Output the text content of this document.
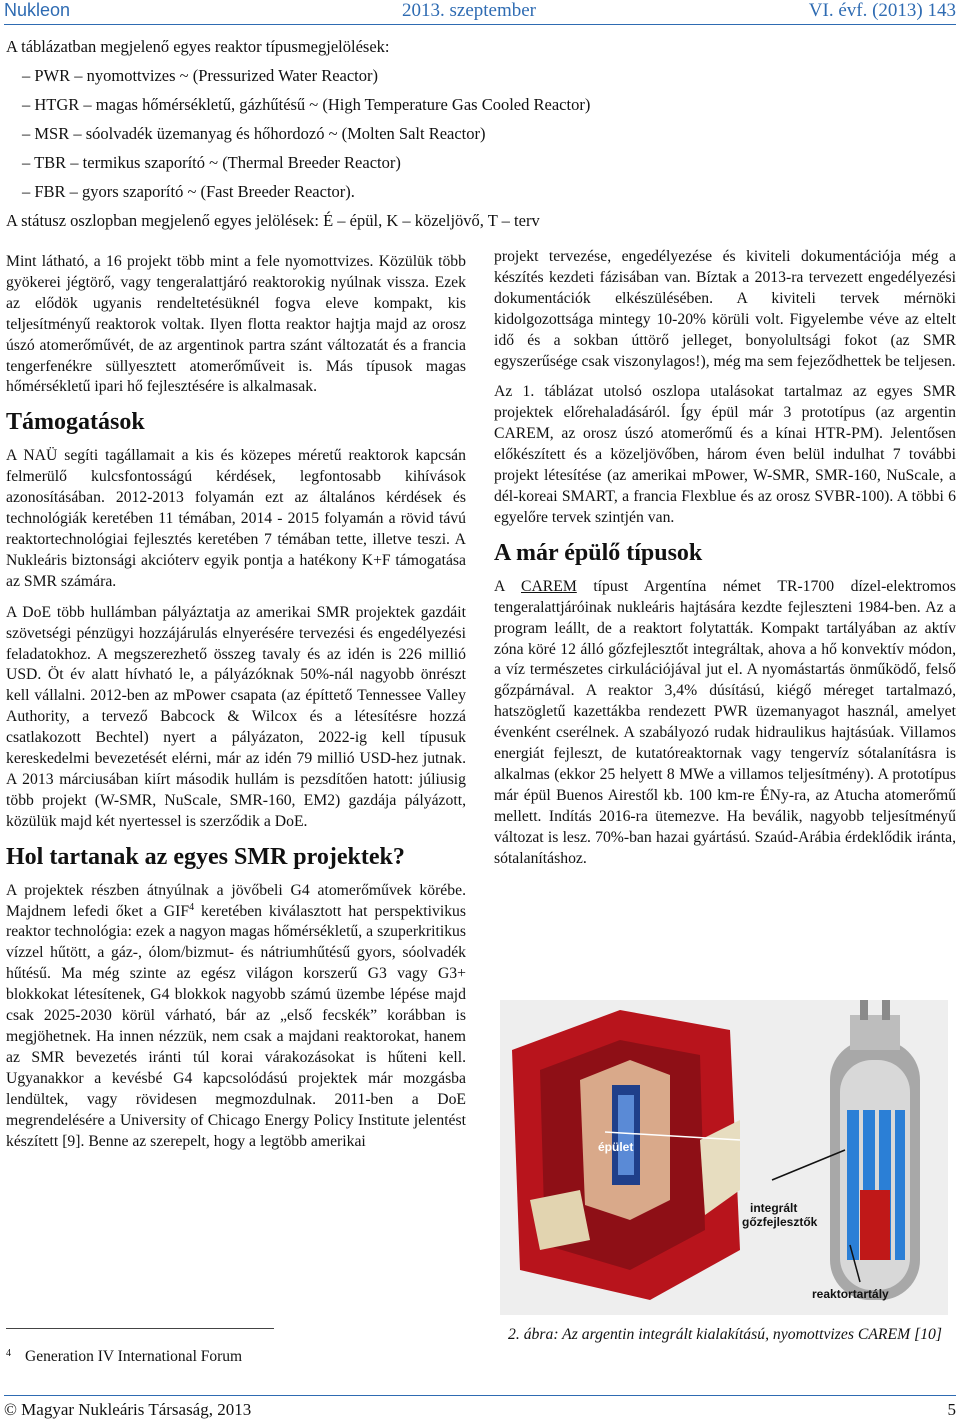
Nukleon	2013. szeptember	VI. évf. (2013) 143
A táblázatban megjelenő egyes reaktor típusmegjelölések:
– PWR – nyomottvizes ~ (Pressurized Water Reactor)
– HTGR – magas hőmérsékletű, gázhűtésű ~ (High Temperature Gas Cooled Reactor)
– MSR – sóolvadék üzemanyag és hőhordozó ~ (Molten Salt Reactor)
– TBR – termikus szaporító ~ (Thermal Breeder Reactor)
– FBR – gyors szaporító ~ (Fast Breeder Reactor).
A státusz oszlopban megjelenő egyes jelölések: É – épül, K – közeljövő, T – terv

Mint látható, a 16 projekt több mint a fele nyomottvizes. Közülük több gyökerei jégtörő, vagy tengeralattjáró reaktorokig nyúlnak vissza. Ezek az elődök ugyanis rendeltetésüknél fogva eleve kompakt, kis teljesítményű reaktorok voltak. Ilyen flotta reaktor hajtja majd az orosz úszó atomerőművét, de az argentinok partra szánt változatát és a francia tengerfenékre süllyesztett atomerőműveit is. Más típusok magas hőmérsékletű ipari hő fejlesztésére is alkalmasak.

Támogatások

A NAÜ segíti tagállamait a kis és közepes méretű reaktorok kapcsán felmerülő kulcsfontosságú kérdések, legfontosabb kihívások azonosításában. 2012-2013 folyamán ezt az általános kérdések és technológiák keretében 11 témában, 2014 - 2015 folyamán a rövid távú reaktortechnológiai fejlesztés keretében 7 témában tette, illetve teszi. A Nukleáris biztonsági akcióterv egyik pontja a hatékony K+F támogatása az SMR számára.

A DoE több hullámban pályáztatja az amerikai SMR projektek gazdáit szövetségi pénzügyi hozzájárulás elnyerésére tervezési és engedélyezési feladatokhoz. A megszerezhető összeg tavaly és az idén is 226 millió USD. Öt év alatt hívható le, a pályázóknak 50%-nál nagyobb önrészt kell vállalni. 2012-ben az mPower csapata (az építtető Tennessee Valley Authority, a tervező Babcock & Wilcox és a létesítésre hozzá csatlakozott Bechtel) nyert a pályázaton, 2022-ig kell típusuk kereskedelmi bevezetését elérni, már az idén 79 millió USD-hez jutnak. A 2013 márciusában kiírt második hullám is pezsdítően hatott: júliusig több projekt (W-SMR, NuScale, SMR-160, EM2) gazdája pályázott, közülük majd két nyertessel is szerződik a DoE.

Hol tartanak az egyes SMR projektek?

A projektek részben átnyúlnak a jövőbeli G4 atomerőművek körébe. Majdnem lefedi őket a GIF$^4$ keretében kiválasztott hat perspektivikus reaktor technológia: ezek a nagyon magas hőmérsékletű, a szuperkritikus vízzel hűtött, a gáz-, ólom/bizmut- és nátriumhűtésű gyors, sóolvadék hűtésű. Ma még szinte az egész világon korszerű G3 vagy G3+ blokkokat létesítenek, G4 blokkok nagyobb számú üzembe lépése majd csak 2025-2030 körül várható, bár az „első fecskék” korábban is megjöhetnek. Ha innen nézzük, nem csak a majdani reaktorokat, hanem az SMR bevezetés iránti túl korai várakozásokat is hűteni kell. Ugyanakkor a kevésbé G4 kapcsolódású projektek már mozgásba lendültek, vagy rövidesen megmozdulnak. 2011-ben a DoE megrendelésére a University of Chicago Energy Policy Institute jelentést készített [9]. Benne az szerepelt, hogy a legtöbb amerikai

projekt tervezése, engedélyezése és kiviteli dokumentációja még a készítés kezdeti fázisában van. Bíztak a 2013-ra tervezett engedélyezési dokumentációk elkészülésében. A kiviteli tervek mérnöki kidolgozottsága mintegy 10-20% körüli volt. Figyelembe véve az eltelt idő és a sokban úttörő jelleget, bonyolultsági fokot (az SMR egyszerűsége csak viszonylagos!), még ma sem fejeződhettek be teljesen.

Az 1. táblázat utolsó oszlopa utalásokat tartalmaz az egyes SMR projektek előrehaladásáról. Így épül már 3 prototípus (az argentin CAREM, az orosz úszó atomerőmű és a kínai HTR-PM). Jelentősen előkészített és a közeljövőben, három éven belül indulhat 7 további projekt létesítése (az amerikai mPower, W-SMR, SMR-160, NuScale, a dél-koreai SMART, a francia Flexblue és az orosz SVBR-100). A többi 6 egyelőre tervek szintjén van.

A már épülő típusok

A CAREM típust Argentína német TR-1700 dízel-elektromos tengeralattjáróinak nukleáris hajtására kezdte fejleszteni 1984-ben. Az a program leállt, de a reaktort folytatták. Kompakt tartályában az aktív zóna köré 12 álló gőzfejlesztőt integráltak, ahova a hő konvektív módon, a víz természetes cirkulációjával jut el. A nyomástartás önműködő, felső gőzpárnával. A reaktor 3,4% dúsítású, kiégő méreget tartalmazó, hatszögletű kazettákba rendezett PWR üzemanyagot használ, amelyet évenként cserélnek. A szabályozó rudak hidraulikus hajtásúak. Villamos energiát fejleszt, de kutatóreaktornak vagy tengervíz sótalanításra is alkalmas (ekkor 25 helyett 8 MWe a villamos teljesítmény). A prototípus már épül Buenos Airestől kb. 100 km-re ÉNy-ra, az Atucha atomerőmű mellett. Indítás 2016-ra ütemezve. Ha beválik, nagyobb teljesítményű változat is lesz. 70%-ban hazai gyártású. Szaúd-Arábia érdeklődik iránta, sótalanításhoz.

épület
integrált
gőzfejlesztők
reaktortartály
2. ábra: Az argentin integrált kialakítású, nyomottvizes CAREM [10]
$^4$ Generation IV International Forum
© Magyar Nukleáris Társaság, 2013	5
